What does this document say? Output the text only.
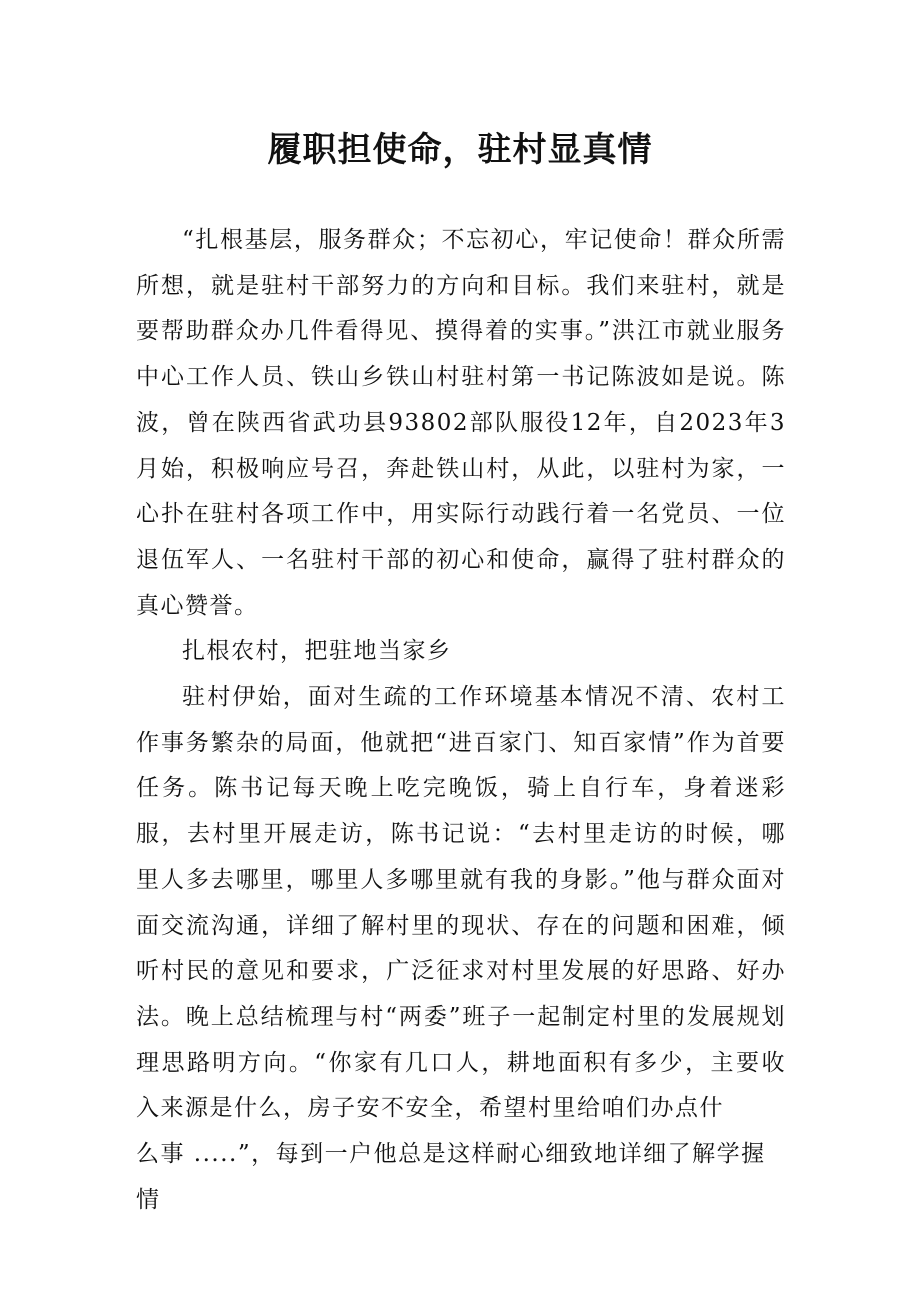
履职担使命，驻村显真情

“扎根基层，服务群众；不忘初心，牢记使命！群众所需所想，就是驻村干部努力的方向和目标。我们来驻村，就是要帮助群众办几件看得见、摸得着的实事。”洪江市就业服务中心工作人员、铁山乡铁山村驻村第一书记陈波如是说。陈波，曾在陕西省武功县93802部队服役12年，自2023年3月始，积极响应号召，奔赴铁山村，从此，以驻村为家，一心扑在驻村各项工作中，用实际行动践行着一名党员、一位退伍军人、一名驻村干部的初心和使命，赢得了驻村群众的真心赞誉。

扎根农村，把驻地当家乡

驻村伊始，面对生疏的工作环境基本情况不清、农村工作事务繁杂的局面，他就把“进百家门、知百家情”作为首要任务。陈书记每天晚上吃完晚饭，骑上自行车，身着迷彩服，去村里开展走访，陈书记说：“去村里走访的时候，哪里人多去哪里，哪里人多哪里就有我的身影。”他与群众面对面交流沟通，详细了解村里的现状、存在的问题和困难，倾听村民的意见和要求，广泛征求对村里发展的好思路、好办法。晚上总结梳理与村“两委”班子一起制定村里的发展规划理思路明方向。“你家有几口人，耕地面积有多少，主要收入来源是什么，房子安不安全，希望村里给咱们办点什

么事 .....”，每到一户他总是这样耐心细致地详细了解学握情
